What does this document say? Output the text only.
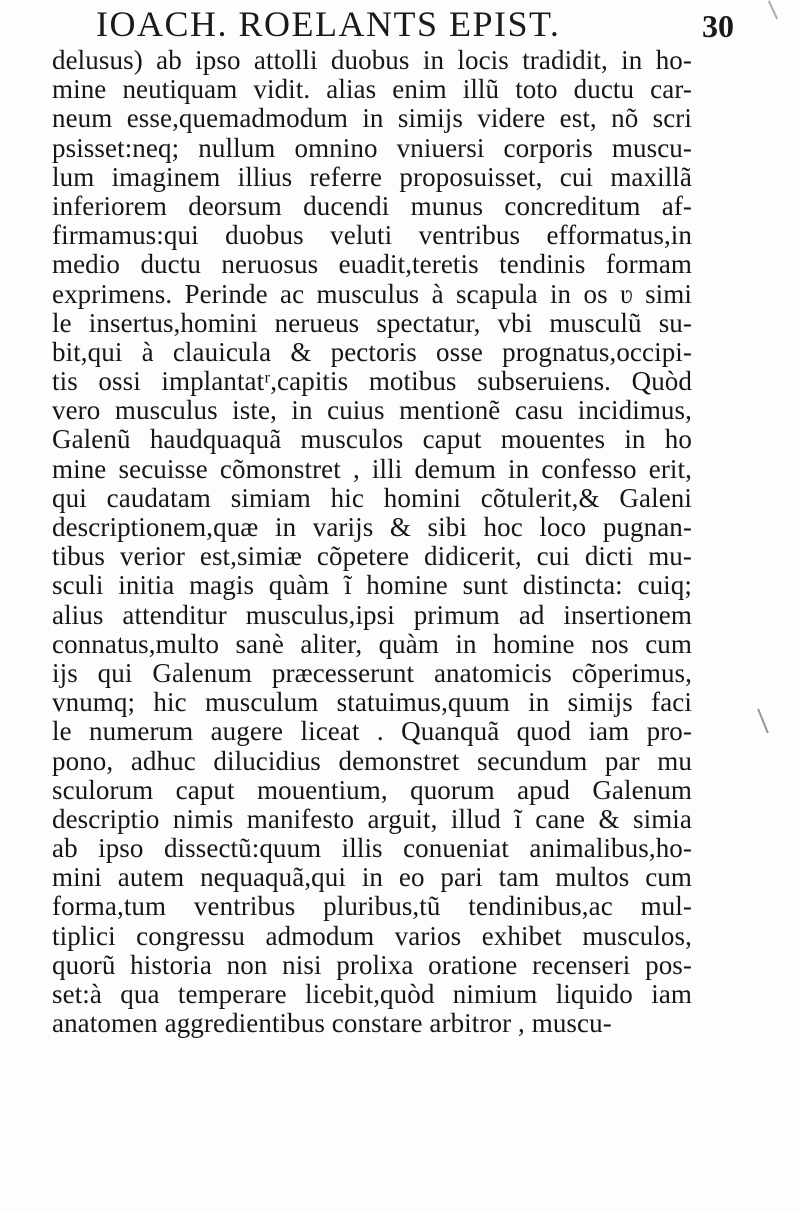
IOACH. ROELANTS EPIST.	30
delusus) ab ipso attolli duobus in locis tradidit, in ho-
mine neutiquam vidit. alias enim illũ toto ductu car-
neum esse,quemadmodum in simijs videre est, nõ scri
psisset:neq; nullum omnino vniuersi corporis muscu-
lum imaginem illius referre proposuisset, cui maxillã
inferiorem deorsum ducendi munus concreditum af-
firmamus:qui duobus veluti ventribus efformatus,in
medio ductu neruosus euadit,teretis tendinis formam
exprimens. Perinde ac musculus à scapula in os ʋ simi
le insertus,homini nerueus spectatur, vbi musculũ su-
bit,qui à clauicula & pectoris osse prognatus,occipi-
tis ossi implantatʳ,capitis motibus subseruiens. Quòd
vero musculus iste, in cuius mentionẽ casu incidimus,
Galenũ haudquaquã musculos caput mouentes in ho
mine secuisse cõmonstret , illi demum in confesso erit,
qui caudatam simiam hic homini cõtulerit,& Galeni
descriptionem,quæ in varijs & sibi hoc loco pugnan-
tibus verior est,simiæ cõpetere didicerit, cui dicti mu-
sculi initia magis quàm ĩ homine sunt distincta: cuiq;
alius attenditur musculus,ipsi primum ad insertionem
connatus,multo sanè aliter, quàm in homine nos cum
ijs qui Galenum præcesserunt anatomicis cõperimus,
vnumq; hic musculum statuimus,quum in simijs faci
le numerum augere liceat . Quanquã quod iam pro-
pono, adhuc dilucidius demonstret secundum par mu
sculorum caput mouentium, quorum apud Galenum
descriptio nimis manifesto arguit, illud ĩ cane & simia
ab ipso dissectũ:quum illis conueniat animalibus,ho-
mini autem nequaquã,qui in eo pari tam multos cum
forma,tum ventribus pluribus,tũ tendinibus,ac mul-
tiplici congressu admodum varios exhibet musculos,
quorũ historia non nisi prolixa oratione recenseri pos-
set:à qua temperare licebit,quòd nimium liquido iam
anatomen aggredientibus constare arbitror , muscu-
